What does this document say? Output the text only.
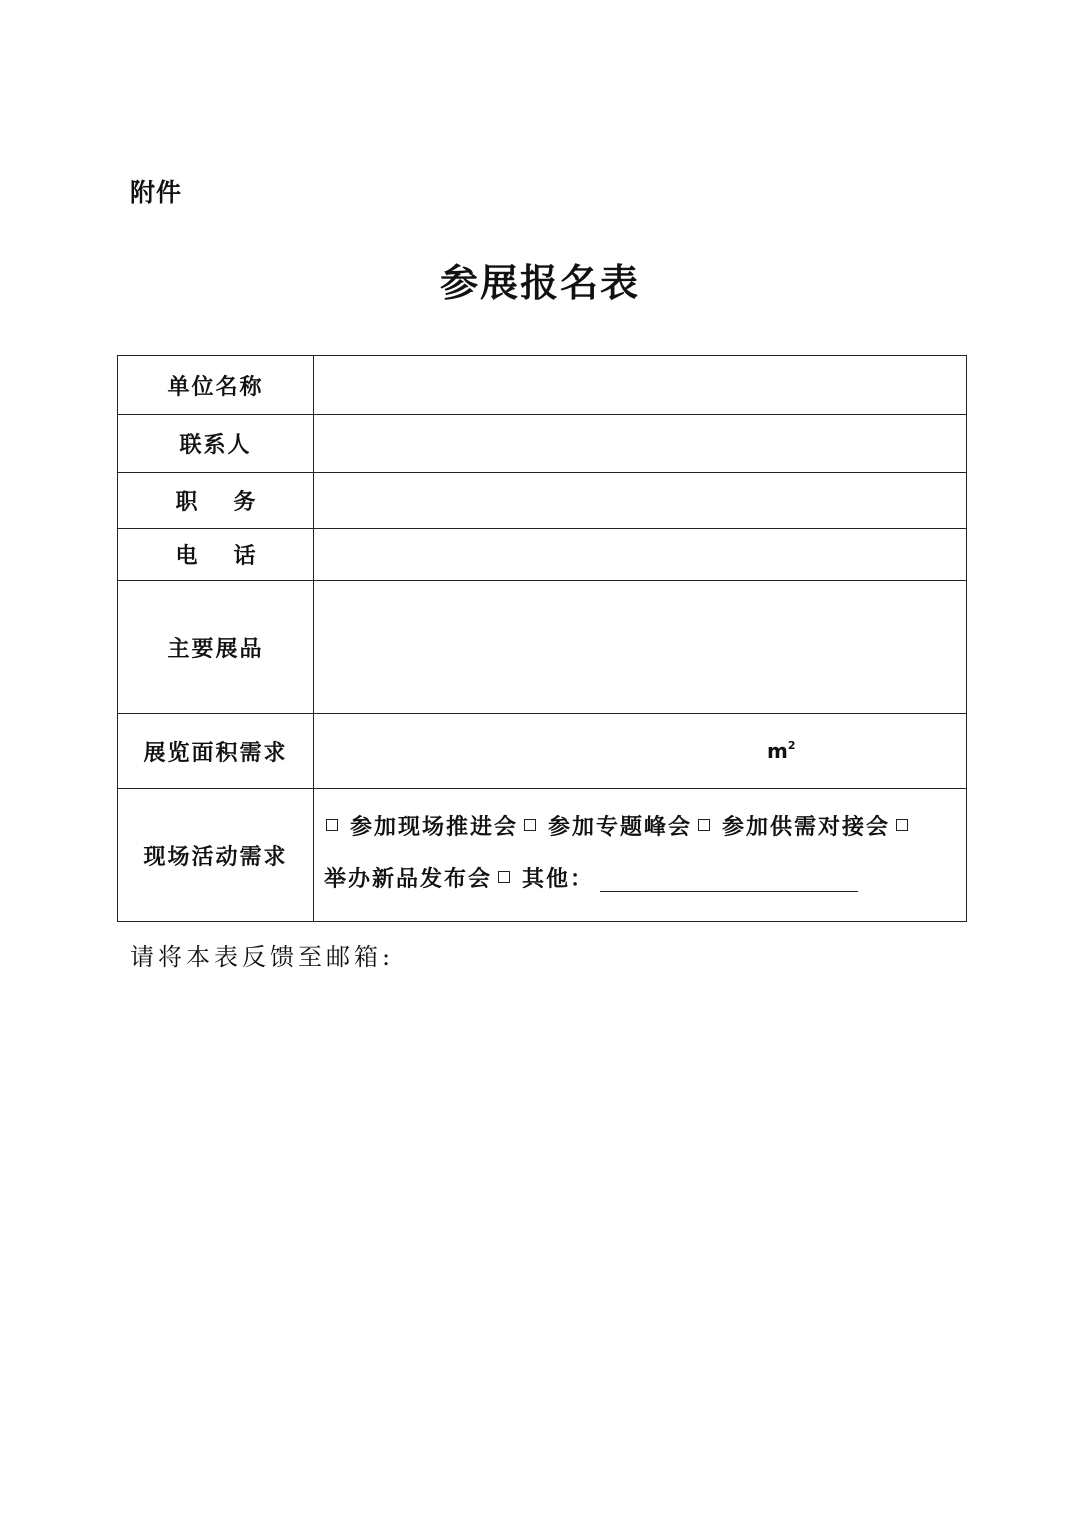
附件
参展报名表
单位名称	
联系人	
职务	
电话	
主要展品	
展览面积需求	$m^2$

现场活动需求	参加现场推进会 参加专题峰会 参加供需对接会举办新品发布会 其他：
请将本表反馈至邮箱:
